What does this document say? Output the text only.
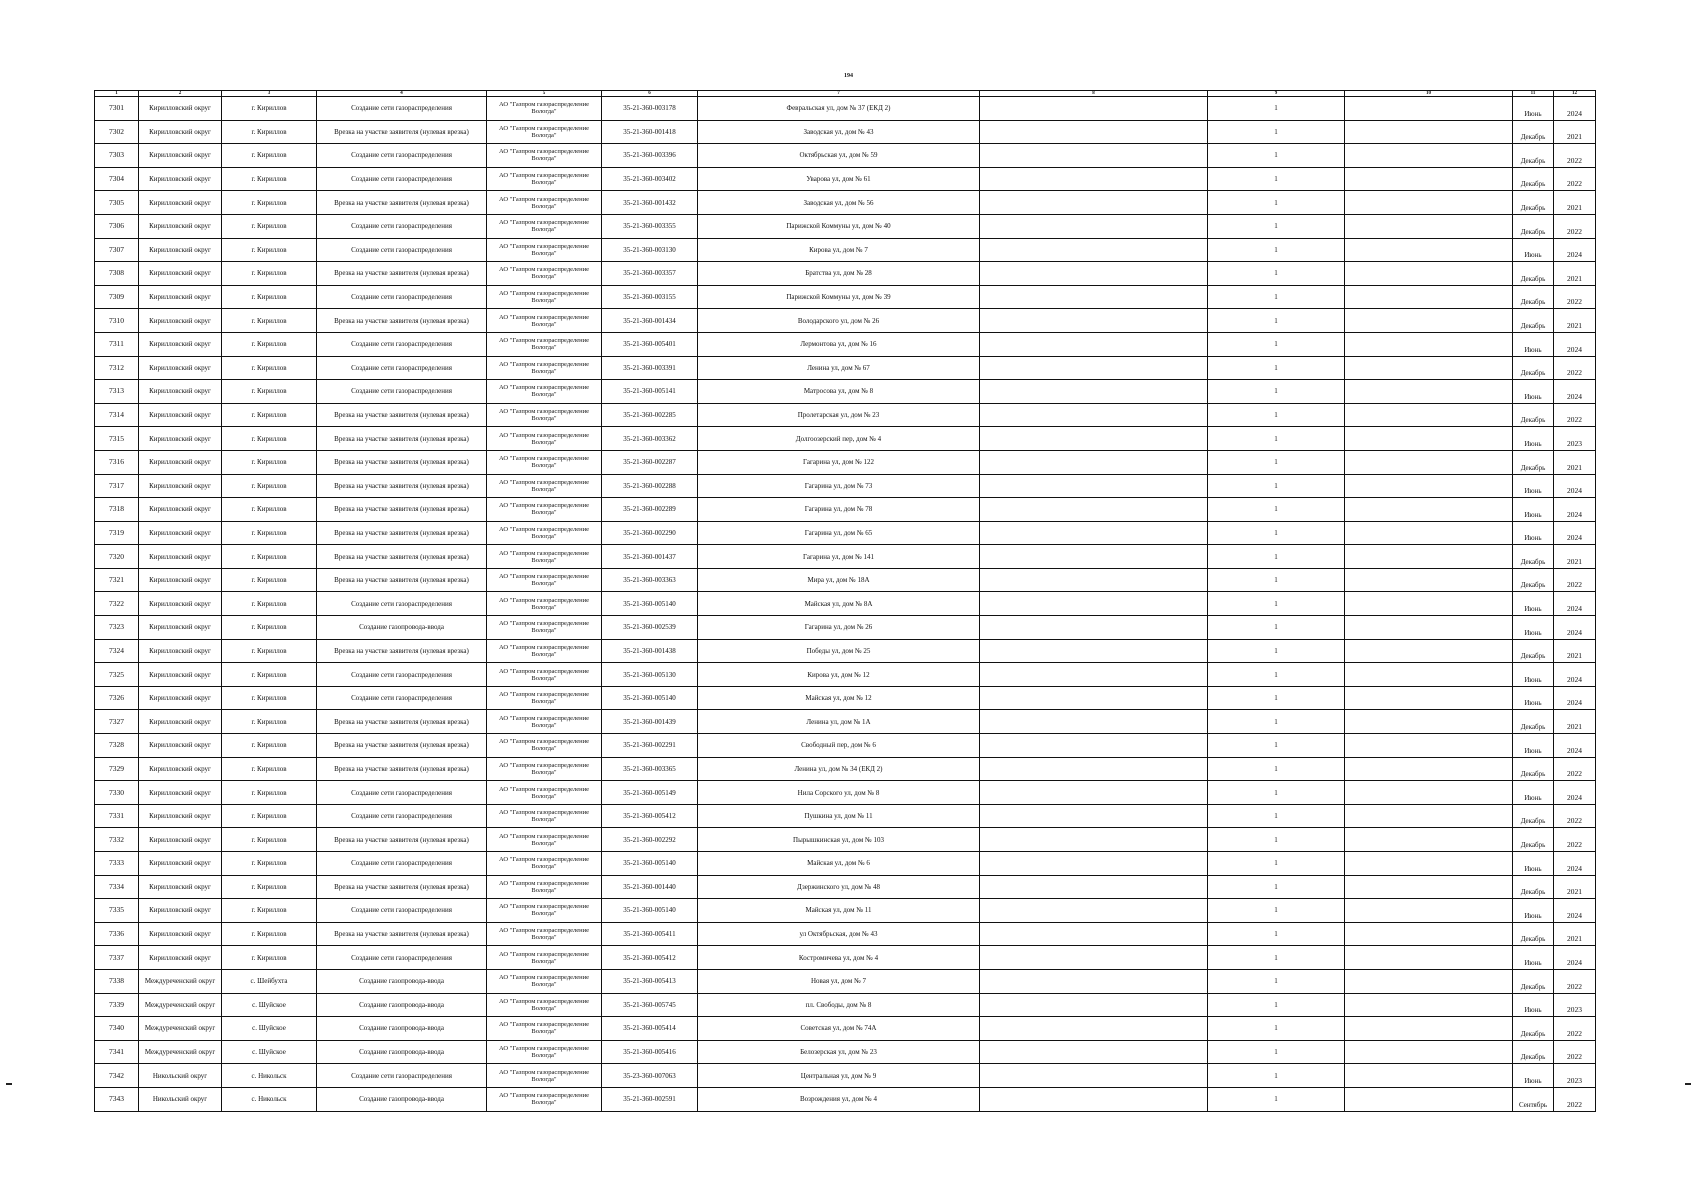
194
1	2	3	4	5	6	7	8	9	10	11	12
7301	Кирилловский округ	г. Кириллов	Создание сети газораспределения	АО "Газпром газораспределение Вологда"	35-21-360-003178	Февральская ул, дом № 37 (ЕКД 2)		1		Июнь	2024
7302	Кирилловский округ	г. Кириллов	Врезка на участке заявителя (нулевая врезка)	АО "Газпром газораспределение Вологда"	35-21-360-001418	Заводская ул, дом № 43		1		Декабрь	2021
7303	Кирилловский округ	г. Кириллов	Создание сети газораспределения	АО "Газпром газораспределение Вологда"	35-21-360-003396	Октябрьская ул, дом № 59		1		Декабрь	2022
7304	Кирилловский округ	г. Кириллов	Создание сети газораспределения	АО "Газпром газораспределение Вологда"	35-21-360-003402	Уварова ул, дом № 61		1		Декабрь	2022
7305	Кирилловский округ	г. Кириллов	Врезка на участке заявителя (нулевая врезка)	АО "Газпром газораспределение Вологда"	35-21-360-001432	Заводская ул, дом № 56		1		Декабрь	2021
7306	Кирилловский округ	г. Кириллов	Создание сети газораспределения	АО "Газпром газораспределение Вологда"	35-21-360-003355	Парижской Коммуны ул, дом № 40		1		Декабрь	2022
7307	Кирилловский округ	г. Кириллов	Создание сети газораспределения	АО "Газпром газораспределение Вологда"	35-21-360-003130	Кирова ул, дом № 7		1		Июнь	2024
7308	Кирилловский округ	г. Кириллов	Врезка на участке заявителя (нулевая врезка)	АО "Газпром газораспределение Вологда"	35-21-360-003357	Братства ул, дом № 28		1		Декабрь	2021
7309	Кирилловский округ	г. Кириллов	Создание сети газораспределения	АО "Газпром газораспределение Вологда"	35-21-360-003155	Парижской Коммуны ул, дом № 39		1		Декабрь	2022
7310	Кирилловский округ	г. Кириллов	Врезка на участке заявителя (нулевая врезка)	АО "Газпром газораспределение Вологда"	35-21-360-001434	Володарского ул, дом № 26		1		Декабрь	2021
7311	Кирилловский округ	г. Кириллов	Создание сети газораспределения	АО "Газпром газораспределение Вологда"	35-21-360-005401	Лермонтова ул, дом № 16		1		Июнь	2024
7312	Кирилловский округ	г. Кириллов	Создание сети газораспределения	АО "Газпром газораспределение Вологда"	35-21-360-003391	Ленина ул, дом № 67		1		Декабрь	2022
7313	Кирилловский округ	г. Кириллов	Создание сети газораспределения	АО "Газпром газораспределение Вологда"	35-21-360-005141	Матросова ул, дом № 8		1		Июнь	2024
7314	Кирилловский округ	г. Кириллов	Врезка на участке заявителя (нулевая врезка)	АО "Газпром газораспределение Вологда"	35-21-360-002285	Пролетарская ул, дом № 23		1		Декабрь	2022
7315	Кирилловский округ	г. Кириллов	Врезка на участке заявителя (нулевая врезка)	АО "Газпром газораспределение Вологда"	35-21-360-003362	Долгоозерский пер, дом № 4		1		Июнь	2023
7316	Кирилловский округ	г. Кириллов	Врезка на участке заявителя (нулевая врезка)	АО "Газпром газораспределение Вологда"	35-21-360-002287	Гагарина ул, дом № 122		1		Декабрь	2021
7317	Кирилловский округ	г. Кириллов	Врезка на участке заявителя (нулевая врезка)	АО "Газпром газораспределение Вологда"	35-21-360-002288	Гагарина ул, дом № 73		1		Июнь	2024
7318	Кирилловский округ	г. Кириллов	Врезка на участке заявителя (нулевая врезка)	АО "Газпром газораспределение Вологда"	35-21-360-002289	Гагарина ул, дом № 78		1		Июнь	2024
7319	Кирилловский округ	г. Кириллов	Врезка на участке заявителя (нулевая врезка)	АО "Газпром газораспределение Вологда"	35-21-360-002290	Гагарина ул, дом № 65		1		Июнь	2024
7320	Кирилловский округ	г. Кириллов	Врезка на участке заявителя (нулевая врезка)	АО "Газпром газораспределение Вологда"	35-21-360-001437	Гагарина ул, дом № 141		1		Декабрь	2021
7321	Кирилловский округ	г. Кириллов	Врезка на участке заявителя (нулевая врезка)	АО "Газпром газораспределение Вологда"	35-21-360-003363	Мира ул, дом № 18А		1		Декабрь	2022
7322	Кирилловский округ	г. Кириллов	Создание сети газораспределения	АО "Газпром газораспределение Вологда"	35-21-360-005140	Майская ул, дом № 8А		1		Июнь	2024
7323	Кирилловский округ	г. Кириллов	Создание газопровода-ввода	АО "Газпром газораспределение Вологда"	35-21-360-002539	Гагарина ул, дом № 26		1		Июнь	2024
7324	Кирилловский округ	г. Кириллов	Врезка на участке заявителя (нулевая врезка)	АО "Газпром газораспределение Вологда"	35-21-360-001438	Победы ул, дом № 25		1		Декабрь	2021
7325	Кирилловский округ	г. Кириллов	Создание сети газораспределения	АО "Газпром газораспределение Вологда"	35-21-360-005130	Кирова ул, дом № 12		1		Июнь	2024
7326	Кирилловский округ	г. Кириллов	Создание сети газораспределения	АО "Газпром газораспределение Вологда"	35-21-360-005140	Майская ул, дом № 12		1		Июнь	2024
7327	Кирилловский округ	г. Кириллов	Врезка на участке заявителя (нулевая врезка)	АО "Газпром газораспределение Вологда"	35-21-360-001439	Ленина ул, дом № 1А		1		Декабрь	2021
7328	Кирилловский округ	г. Кириллов	Врезка на участке заявителя (нулевая врезка)	АО "Газпром газораспределение Вологда"	35-21-360-002291	Свободный пер, дом № 6		1		Июнь	2024
7329	Кирилловский округ	г. Кириллов	Врезка на участке заявителя (нулевая врезка)	АО "Газпром газораспределение Вологда"	35-21-360-003365	Ленина ул, дом № 34 (ЕКД 2)		1		Декабрь	2022
7330	Кирилловский округ	г. Кириллов	Создание сети газораспределения	АО "Газпром газораспределение Вологда"	35-21-360-005149	Нила Сорского ул, дом № 8		1		Июнь	2024
7331	Кирилловский округ	г. Кириллов	Создание сети газораспределения	АО "Газпром газораспределение Вологда"	35-21-360-005412	Пушкина ул, дом № 11		1		Декабрь	2022
7332	Кирилловский округ	г. Кириллов	Врезка на участке заявителя (нулевая врезка)	АО "Газпром газораспределение Вологда"	35-21-360-002292	Пырышкинская ул, дом № 103		1		Декабрь	2022
7333	Кирилловский округ	г. Кириллов	Создание сети газораспределения	АО "Газпром газораспределение Вологда"	35-21-360-005140	Майская ул, дом № 6		1		Июнь	2024
7334	Кирилловский округ	г. Кириллов	Врезка на участке заявителя (нулевая врезка)	АО "Газпром газораспределение Вологда"	35-21-360-001440	Дзержинского ул, дом № 48		1		Декабрь	2021
7335	Кирилловский округ	г. Кириллов	Создание сети газораспределения	АО "Газпром газораспределение Вологда"	35-21-360-005140	Майская ул, дом № 11		1		Июнь	2024
7336	Кирилловский округ	г. Кириллов	Врезка на участке заявителя (нулевая врезка)	АО "Газпром газораспределение Вологда"	35-21-360-005411	ул Октябрьская, дом № 43		1		Декабрь	2021
7337	Кирилловский округ	г. Кириллов	Создание сети газораспределения	АО "Газпром газораспределение Вологда"	35-21-360-005412	Костромичева ул, дом № 4		1		Июнь	2024
7338	Междуреченский округ	с. Шейбухта	Создание газопровода-ввода	АО "Газпром газораспределение Вологда"	35-21-360-005413	Новая ул, дом № 7		1		Декабрь	2022
7339	Междуреченский округ	с. Шуйское	Создание газопровода-ввода	АО "Газпром газораспределение Вологда"	35-21-360-005745	пл. Свободы, дом № 8		1		Июнь	2023
7340	Междуреченский округ	с. Шуйское	Создание газопровода-ввода	АО "Газпром газораспределение Вологда"	35-21-360-005414	Советская ул, дом № 74А		1		Декабрь	2022
7341	Междуреченский округ	с. Шуйское	Создание газопровода-ввода	АО "Газпром газораспределение Вологда"	35-21-360-005416	Белозерская ул, дом № 23		1		Декабрь	2022
7342	Никольский округ	с. Никольск	Создание сети газораспределения	АО "Газпром газораспределение Вологда"	35-23-360-007063	Центральная ул, дом № 9		1		Июнь	2023
7343	Никольский округ	с. Никольск	Создание газопровода-ввода	АО "Газпром газораспределение Вологда"	35-21-360-002591	Возрождения ул, дом № 4		1		Сентябрь	2022
